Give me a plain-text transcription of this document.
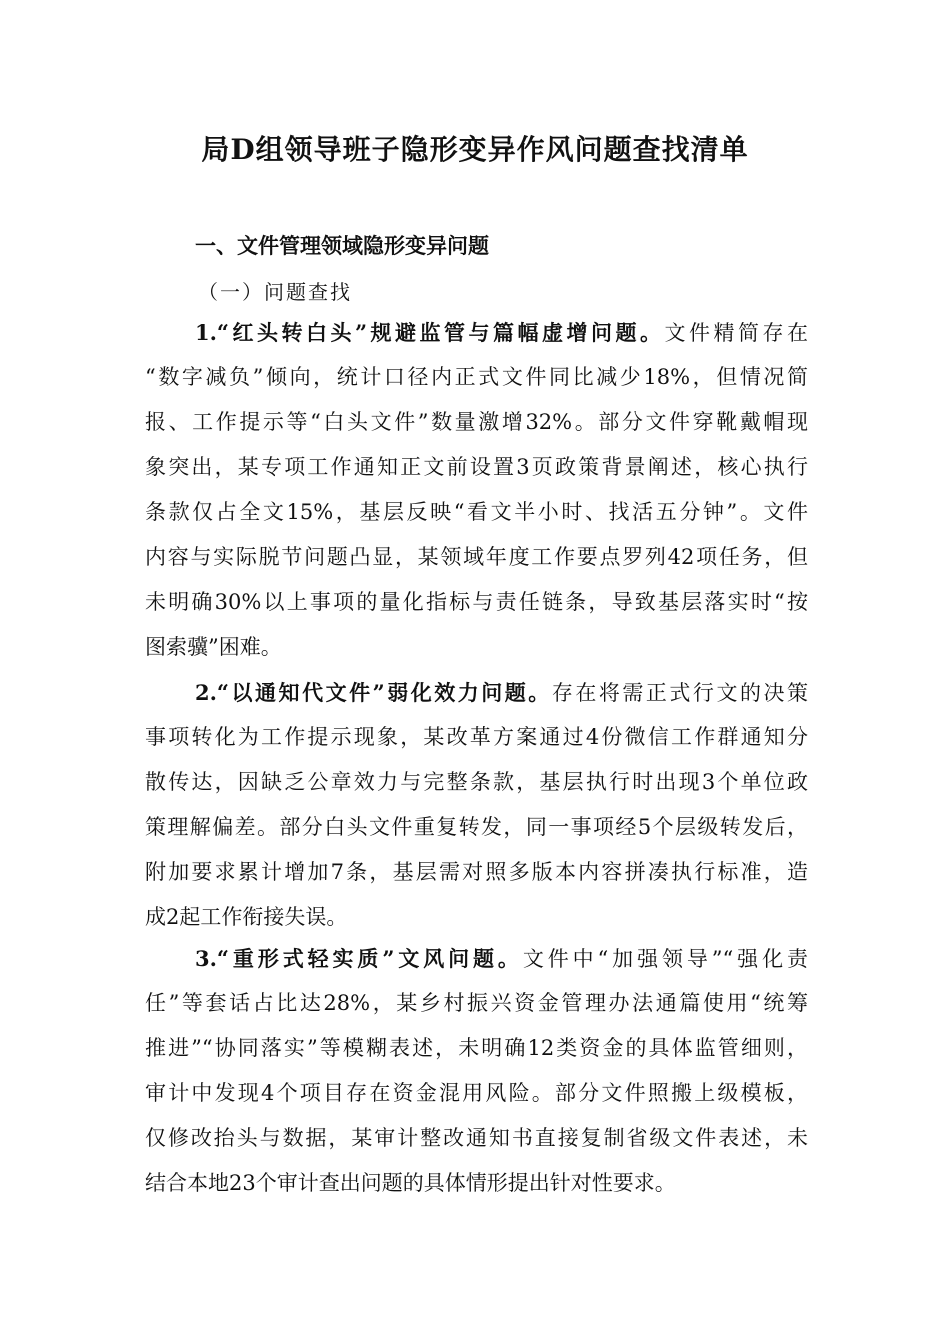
局D组领导班子隐形变异作风问题查找清单
一、文件管理领域隐形变异问题
（一）问题查找
1.“红头转白头”规避监管与篇幅虚增问题。文件精简存在
“数字减负”倾向，统计口径内正式文件同比减少18%，但情况简
报、工作提示等“白头文件”数量激增32%。部分文件穿靴戴帽现
象突出，某专项工作通知正文前设置3页政策背景阐述，核心执行
条款仅占全文15%，基层反映“看文半小时、找活五分钟”。文件
内容与实际脱节问题凸显，某领域年度工作要点罗列42项任务，但
未明确30%以上事项的量化指标与责任链条，导致基层落实时“按
图索骥”困难。
2.“以通知代文件”弱化效力问题。存在将需正式行文的决策
事项转化为工作提示现象，某改革方案通过4份微信工作群通知分
散传达，因缺乏公章效力与完整条款，基层执行时出现3个单位政
策理解偏差。部分白头文件重复转发，同一事项经5个层级转发后，
附加要求累计增加7条，基层需对照多版本内容拼凑执行标准，造
成2起工作衔接失误。
3.“重形式轻实质”文风问题。文件中“加强领导”“强化责
任”等套话占比达28%，某乡村振兴资金管理办法通篇使用“统筹
推进”“协同落实”等模糊表述，未明确12类资金的具体监管细则，
审计中发现4个项目存在资金混用风险。部分文件照搬上级模板，
仅修改抬头与数据，某审计整改通知书直接复制省级文件表述，未
结合本地23个审计查出问题的具体情形提出针对性要求。
